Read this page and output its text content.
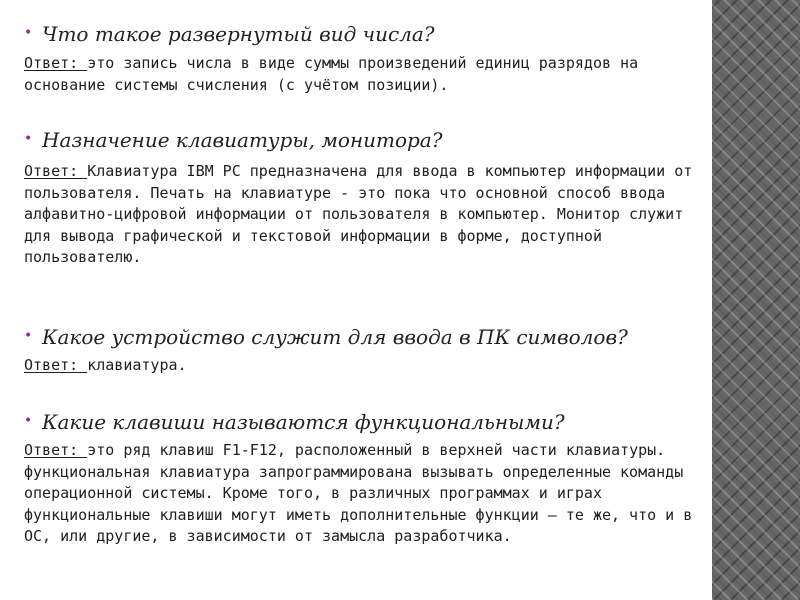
• Что такое развернутый вид числа?
Ответ: это запись числа в виде суммы произведений единиц разрядов на основание системы счисления (с учётом позиции).
• Назначение клавиатуры, монитора?
Ответ: Клавиатура IBM PC предназначена для ввода в компьютер информации от пользователя. Печать на клавиатуре - это пока что основной способ ввода алфавитно-цифровой информации от пользователя в компьютер. Монитор служит для вывода графической и текстовой информации в форме, доступной пользователю.
• Какое устройство служит для ввода в ПК символов?
Ответ: клавиатура.
• Какие клавиши называются функциональными?
Ответ: это ряд клавиш F1-F12, расположенный в верхней части клавиатуры. функциональная клавиатура запрограммирована вызывать определенные команды операционной системы. Кроме того, в различных программах и играх функциональные клавиши могут иметь дополнительные функции — те же, что и в ОС, или другие, в зависимости от замысла разработчика.
